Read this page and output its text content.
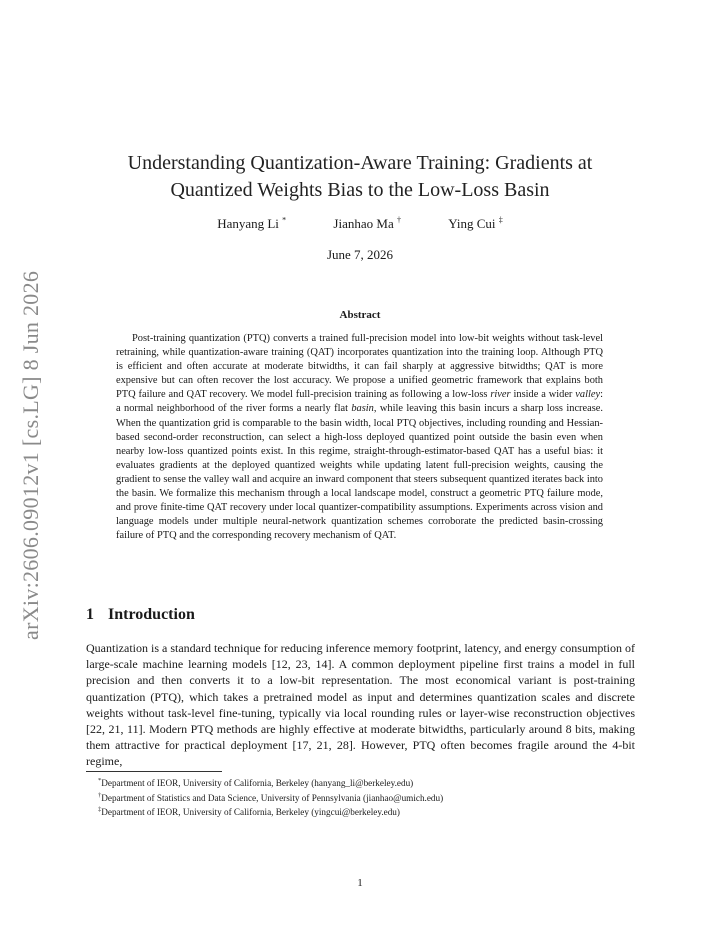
arXiv:2606.09012v1 [cs.LG] 8 Jun 2026
Understanding Quantization-Aware Training: Gradients at
Quantized Weights Bias to the Low-Loss Basin
Hanyang Li *	Jianhao Ma †	Ying Cui ‡
June 7, 2026
Abstract
Post-training quantization (PTQ) converts a trained full-precision model into low-bit weights without task-level retraining, while quantization-aware training (QAT) incorporates quantization into the training loop. Although PTQ is efficient and often accurate at moderate bitwidths, it can fail sharply at aggressive bitwidths; QAT is more expensive but can often recover the lost accuracy. We propose a unified geometric framework that explains both PTQ failure and QAT recovery. We model full-precision training as following a low-loss river inside a wider valley: a normal neighborhood of the river forms a nearly flat basin, while leaving this basin incurs a sharp loss increase. When the quantization grid is comparable to the basin width, local PTQ objectives, including rounding and Hessian-based second-order reconstruction, can select a high-loss deployed quantized point outside the basin even when nearby low-loss quantized points exist. In this regime, straight-through-estimator-based QAT has a useful bias: it evaluates gradients at the deployed quantized weights while updating latent full-precision weights, causing the gradient to sense the valley wall and acquire an inward component that steers subsequent quantized iterates back into the basin. We formalize this mechanism through a local landscape model, construct a geometric PTQ failure mode, and prove finite-time QAT recovery under local quantizer-compatibility assumptions. Experiments across vision and language models under multiple neural-network quantization schemes corroborate the predicted basin-crossing failure of PTQ and the corresponding recovery mechanism of QAT.
1 Introduction
Quantization is a standard technique for reducing inference memory footprint, latency, and energy consumption of large-scale machine learning models [12, 23, 14]. A common deployment pipeline first trains a model in full precision and then converts it to a low-bit representation. The most economical variant is post-training quantization (PTQ), which takes a pretrained model as input and determines quantization scales and discrete weights without task-level fine-tuning, typically via local rounding rules or layer-wise reconstruction objectives [22, 21, 11]. Modern PTQ methods are highly effective at moderate bitwidths, particularly around 8 bits, making them attractive for practical deployment [17, 21, 28]. However, PTQ often becomes fragile around the 4-bit regime,
*Department of IEOR, University of California, Berkeley (hanyang_li@berkeley.edu)
†Department of Statistics and Data Science, University of Pennsylvania (jianhao@umich.edu)
‡Department of IEOR, University of California, Berkeley (yingcui@berkeley.edu)
1
